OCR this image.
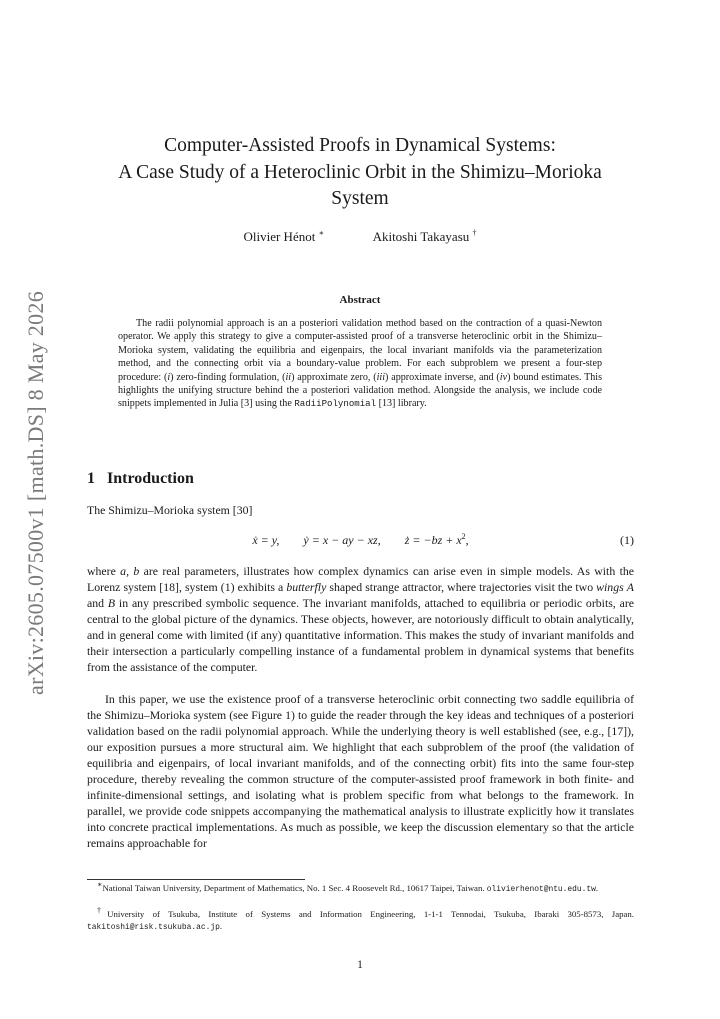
arXiv:2605.07500v1 [math.DS] 8 May 2026
Computer-Assisted Proofs in Dynamical Systems:
A Case Study of a Heteroclinic Orbit in the Shimizu–Morioka
System
Olivier Hénot ∗	Akitoshi Takayasu †
Abstract

The radii polynomial approach is an a posteriori validation method based on the contraction of a quasi-Newton operator. We apply this strategy to give a computer-assisted proof of a transverse heteroclinic orbit in the Shimizu–Morioka system, validating the equilibria and eigenpairs, the local invariant manifolds via the parameterization method, and the connecting orbit via a boundary-value problem. For each subproblem we present a four-step procedure: (i) zero-finding formulation, (ii) approximate zero, (iii) approximate inverse, and (iv) bound estimates. This highlights the unifying structure behind the a posteriori validation method. Alongside the analysis, we include code snippets implemented in Julia [3] using the RadiiPolynomial [13] library.

1 Introduction

The Shimizu–Morioka system [30]

ẋ = y, ẏ = x − ay − xz, ż = $-bz + x^2$,	(1)

where a, b are real parameters, illustrates how complex dynamics can arise even in simple models. As with the Lorenz system [18], system (1) exhibits a butterfly shaped strange attractor, where trajectories visit the two wings A and B in any prescribed symbolic sequence. The invariant manifolds, attached to equilibria or periodic orbits, are central to the global picture of the dynamics. These objects, however, are notoriously difficult to obtain analytically, and in general come with limited (if any) quantitative information. This makes the study of invariant manifolds and their intersection a particularly compelling instance of a fundamental problem in dynamical systems that benefits from the assistance of the computer.

In this paper, we use the existence proof of a transverse heteroclinic orbit connecting two saddle equilibria of the Shimizu–Morioka system (see Figure 1) to guide the reader through the key ideas and techniques of a posteriori validation based on the radii polynomial approach. While the underlying theory is well established (see, e.g., [17]), our exposition pursues a more structural aim. We highlight that each subproblem of the proof (the validation of equilibria and eigenpairs, of local invariant manifolds, and of the connecting orbit) fits into the same four-step procedure, thereby revealing the common structure of the computer-assisted proof framework in both finite- and infinite-dimensional settings, and isolating what is problem specific from what belongs to the framework. In parallel, we provide code snippets accompanying the mathematical analysis to illustrate explicitly how it translates into concrete practical implementations. As much as possible, we keep the discussion elementary so that the article remains approachable for

∗National Taiwan University, Department of Mathematics, No. 1 Sec. 4 Roosevelt Rd., 10617 Taipei, Taiwan. olivierhenot@ntu.edu.tw.

†University of Tsukuba, Institute of Systems and Information Engineering, 1-1-1 Tennodai, Tsukuba, Ibaraki 305-8573, Japan. takitoshi@risk.tsukuba.ac.jp.

1
